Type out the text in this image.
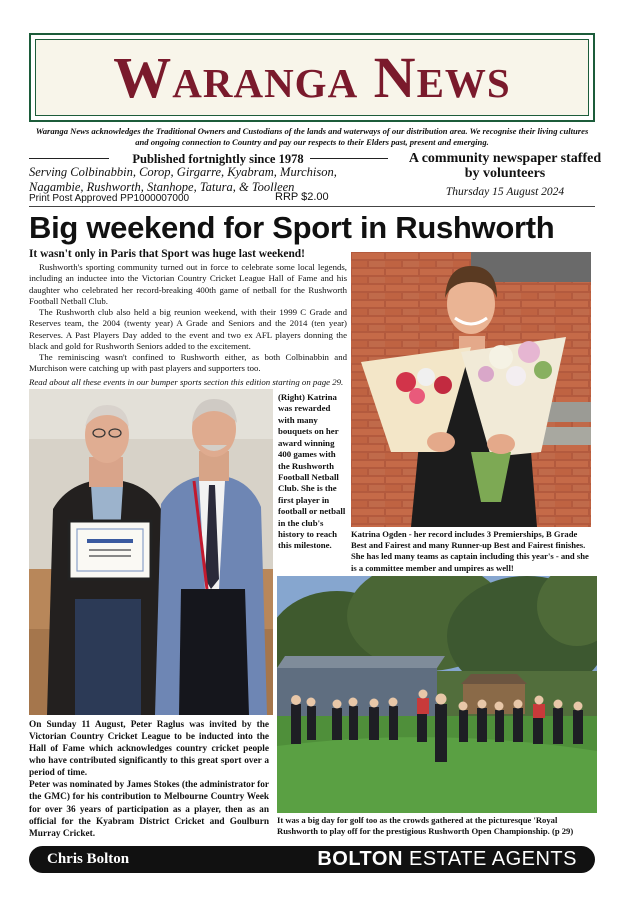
Waranga News
Waranga News acknowledges the Traditional Owners and Custodians of the lands and waterways of our distribution area. We recognise their living cultures and ongoing connection to Country and pay our respects to their Elders past, present and emerging.
Published fortnightly since 1978
Serving Colbinabbin, Corop, Girgarre, Kyabram, Murchison, Nagambie, Rushworth, Stanhope, Tatura, & Toolleen
Print Post Approved PP1000007000	RRP $2.00
A community newspaper staffed by volunteers
Thursday 15 August 2024
Big weekend for Sport in Rushworth
It wasn't only in Paris that Sport was huge last weekend!

Rushworth's sporting community turned out in force to celebrate some local legends, including an inductee into the Victorian Country Cricket League Hall of Fame and his daughter who celebrated her record-breaking 400th game of netball for the Rushworth Football Netball Club.

The Rushworth club also held a big reunion weekend, with their 1999 C Grade and Reserves team, the 2004 (twenty year) A Grade and Seniors and the 2014 (ten year) Reserves. A Past Players Day added to the event and two ex AFL players donning the black and gold for Rushworth Seniors added to the excitement.

The reminiscing wasn't confined to Rushworth either, as both Colbinabbin and Murchison were catching up with past players and supporters too.

Read about all these events in our bumper sports section this edition starting on page 29.

(Right) Katrina was rewarded with many bouquets on her award winning 400 games with the Rushworth Football Netball Club. She is the first player in football or netball in the club's history to reach this milestone.
Katrina Ogden - her record includes 3 Premierships, B Grade Best and Fairest and many Runner-up Best and Fairest finishes. She has led many teams as captain including this year's - and she is a committee member and umpires as well!

On Sunday 11 August, Peter Raglus was invited by the Victorian Country Cricket League to be inducted into the Hall of Fame which acknowledges country cricket people who have contributed significantly to this great sport over a period of time.

Peter was nominated by James Stokes (the administrator for the GMC) for his contribution to Melbourne Country Week for over 36 years of participation as a player, then as an official for the Kyabram District Cricket and Goulburn Murray Cricket.

It was a big day for golf too as the crowds gathered at the picturesque 'Royal Rushworth to play off for the prestigious Rushworth Open Championship. (p 29)
Chris Bolton	BOLTON ESTATE AGENTS
